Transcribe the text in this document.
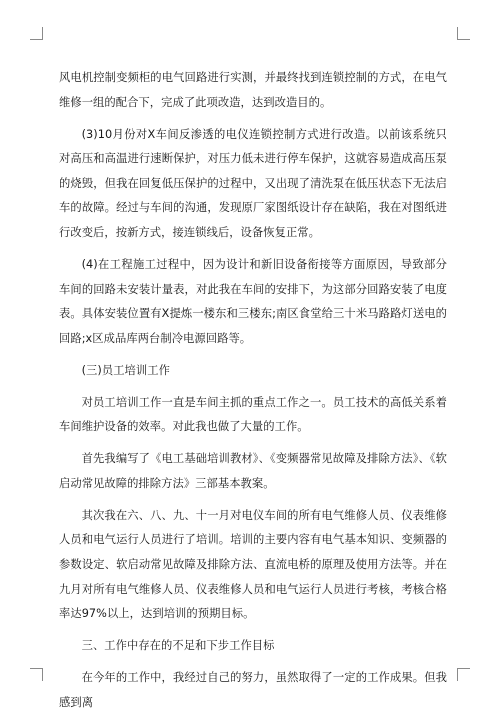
风电机控制变频柜的电气回路进行实测，并最终找到连锁控制的方式，在电气维修一组的配合下，完成了此项改造，达到改造目的。

(3)10月份对X车间反渗透的电仪连锁控制方式进行改造。以前该系统只对高压和高温进行速断保护，对压力低未进行停车保护，这就容易造成高压泵的烧毁，但我在回复低压保护的过程中，又出现了清洗泵在低压状态下无法启车的故障。经过与车间的沟通，发现原厂家图纸设计存在缺陷，我在对图纸进行改变后，按新方式，接连锁线后，设备恢复正常。

(4)在工程施工过程中，因为设计和新旧设备衔接等方面原因，导致部分车间的回路未安装计量表，对此我在车间的安排下，为这部分回路安装了电度表。具体安装位置有X提炼一楼东和三楼东;南区食堂给三十米马路路灯送电的回路;x区成品库两台制冷电源回路等。

(三)员工培训工作

对员工培训工作一直是车间主抓的重点工作之一。员工技术的高低关系着车间维护设备的效率。对此我也做了大量的工作。

首先我编写了《电工基础培训教材》、《变频器常见故障及排除方法》、《软启动常见故障的排除方法》三部基本教案。

其次我在六、八、九、十一月对电仪车间的所有电气维修人员、仪表维修人员和电气运行人员进行了培训。培训的主要内容有电气基本知识、变频器的参数设定、软启动常见故障及排除方法、直流电桥的原理及使用方法等。并在九月对所有电气维修人员、仪表维修人员和电气运行人员进行考核，考核合格率达97%以上，达到培训的预期目标。

三、工作中存在的不足和下步工作目标

在今年的工作中，我经过自己的努力，虽然取得了一定的工作成果。但我感到离
